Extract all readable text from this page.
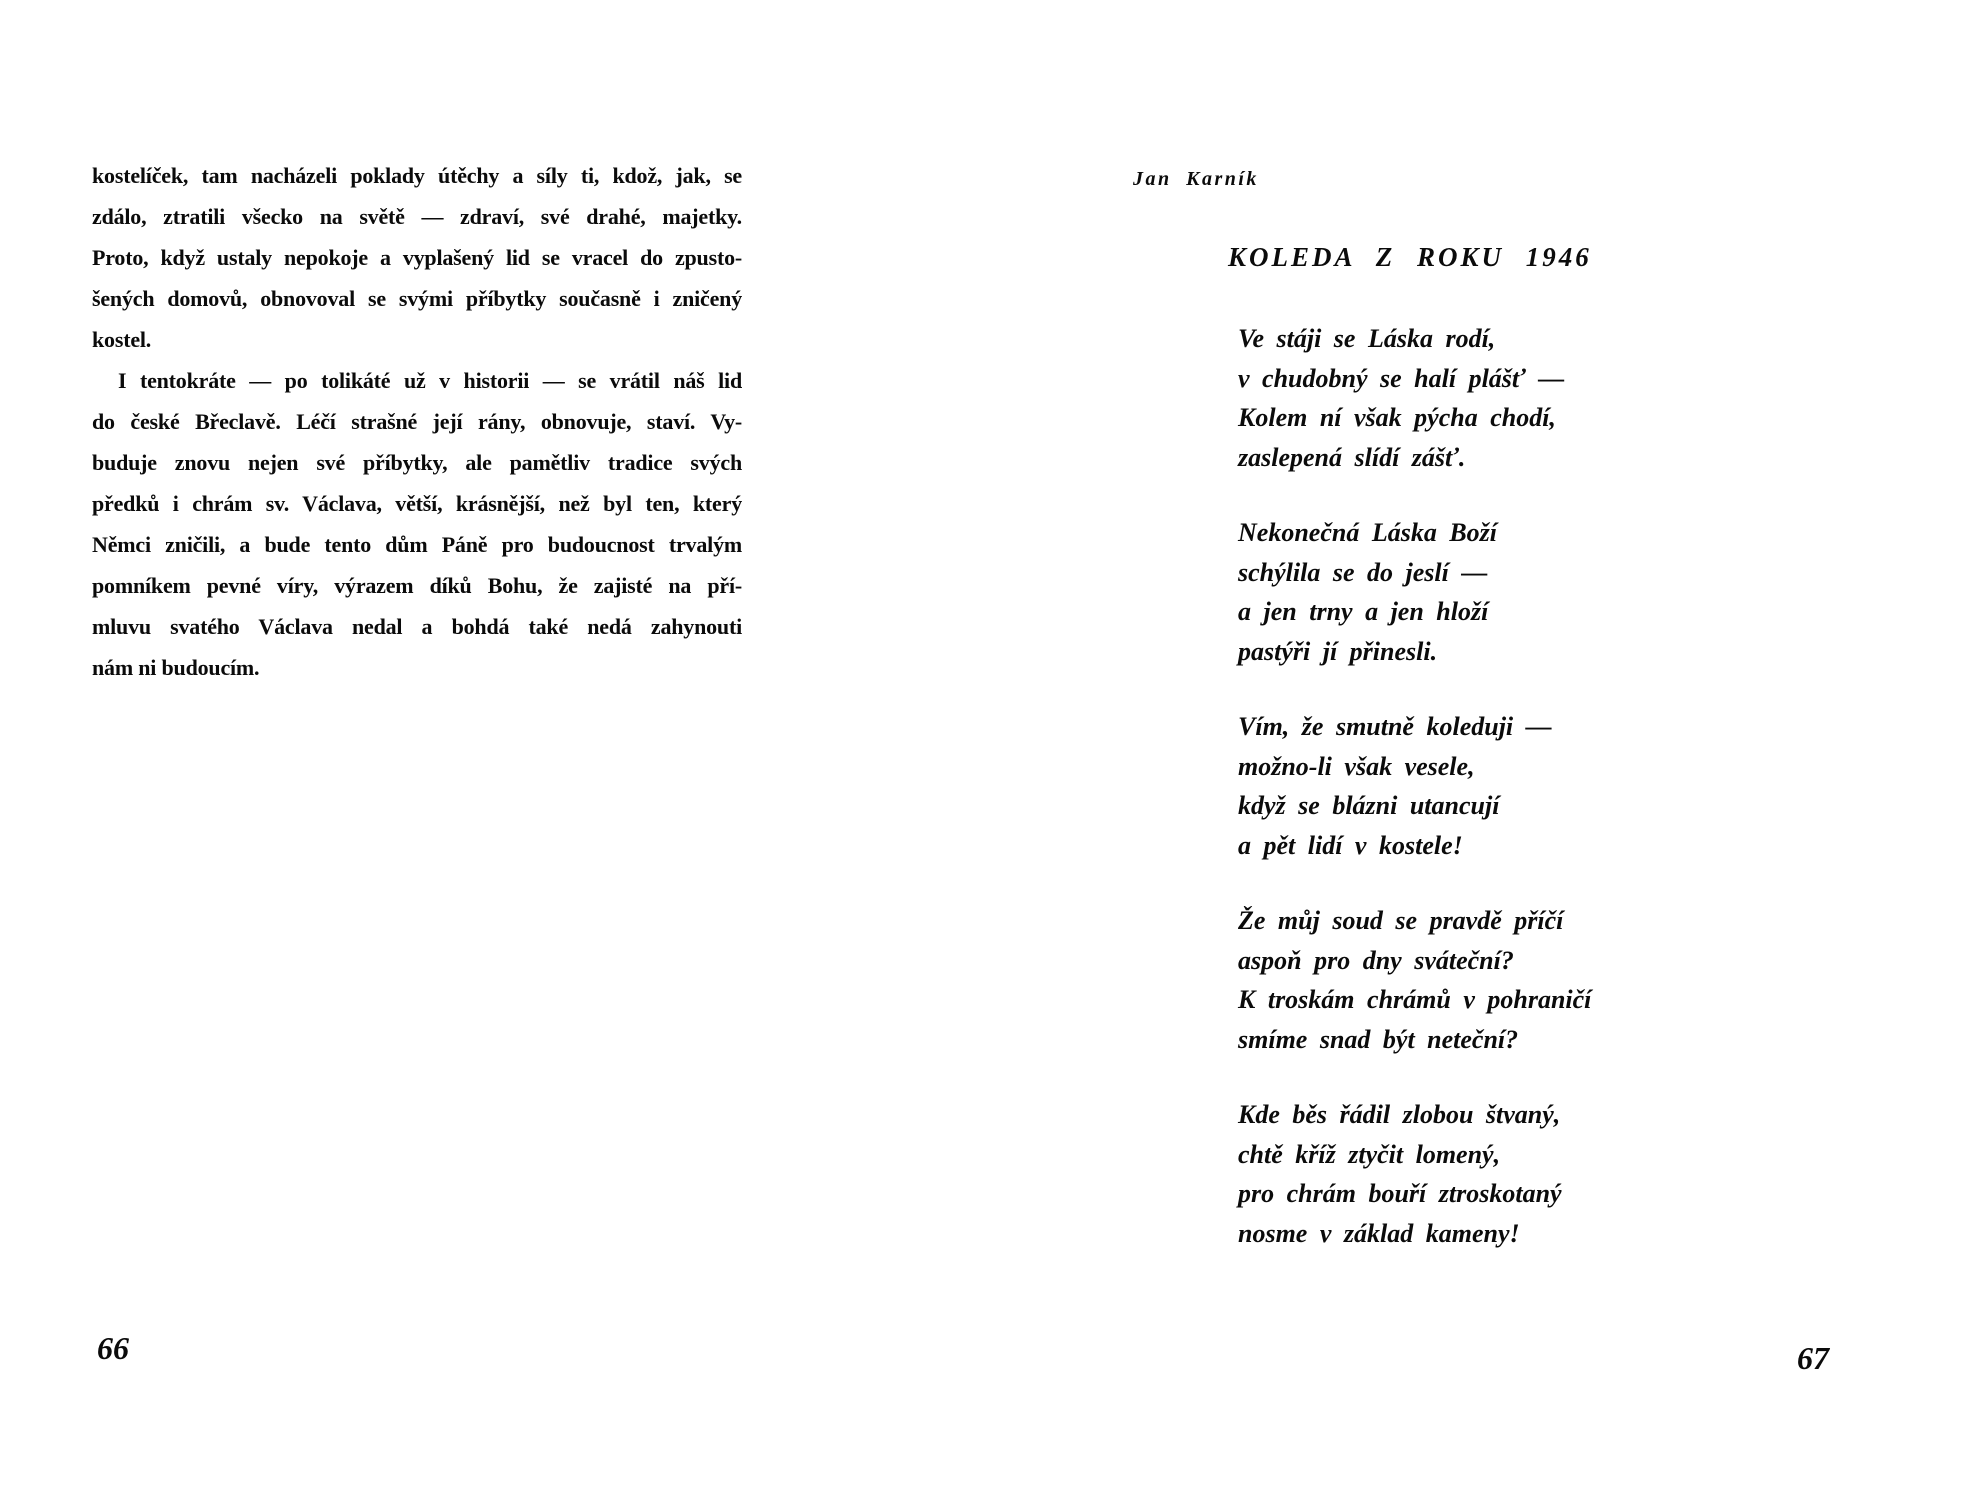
kostelíček, tam nacházeli poklady útěchy a síly ti, kdož, jak, se
zdálo, ztratili všecko na světě — zdraví, své drahé, majetky.
Proto, když ustaly nepokoje a vyplašený lid se vracel do zpusto-
šených domovů, obnovoval se svými příbytky současně i zničený
kostel.
I tentokráte — po tolikáté už v historii — se vrátil náš lid
do české Břeclavě. Léčí strašné její rány, obnovuje, staví. Vy-
buduje znovu nejen své příbytky, ale pamětliv tradice svých
předků i chrám sv. Václava, větší, krásnější, než byl ten, který
Němci zničili, a bude tento dům Páně pro budoucnost trvalým
pomníkem pevné víry, výrazem díků Bohu, že zajisté na pří-
mluvu svatého Václava nedal a bohdá také nedá zahynouti
nám ni budoucím.
66
Jan Karník
KOLEDA Z ROKU 1946
Ve stáji se Láska rodí,
v chudobný se halí plášť —
Kolem ní však pýcha chodí,
zaslepená slídí zášť.
Nekonečná Láska Boží
schýlila se do jeslí —
a jen trny a jen hloží
pastýři jí přinesli.
Vím, že smutně koleduji —
možno-li však vesele,
když se blázni utancují
a pět lidí v kostele!
Že můj soud se pravdě příčí
aspoň pro dny sváteční?
K troskám chrámů v pohraničí
smíme snad být neteční?
Kde běs řádil zlobou štvaný,
chtě kříž ztyčit lomený,
pro chrám bouří ztroskotaný
nosme v základ kameny!
67
